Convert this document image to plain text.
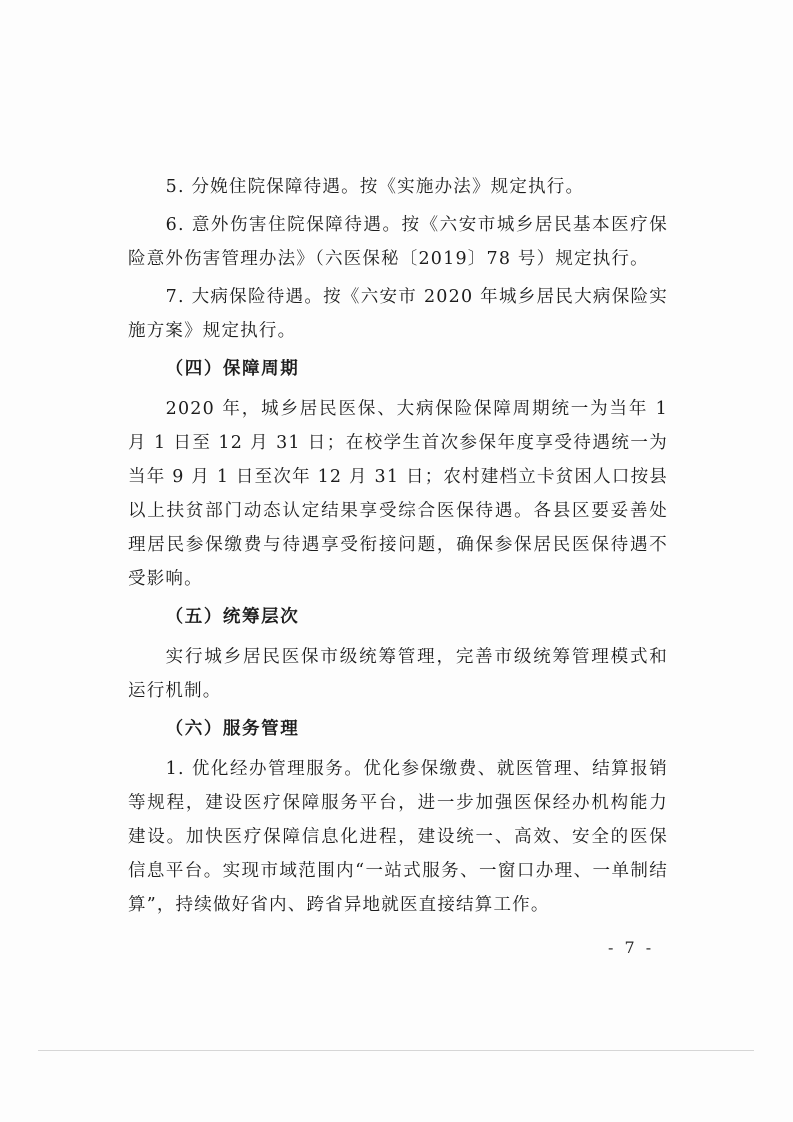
5. 分娩住院保障待遇。按《实施办法》规定执行。

6. 意外伤害住院保障待遇。按《六安市城乡居民基本医疗保险意外伤害管理办法》（六医保秘〔2019〕78 号）规定执行。

7. 大病保险待遇。按《六安市 2020 年城乡居民大病保险实施方案》规定执行。

（四）保障周期

2020 年，城乡居民医保、大病保险保障周期统一为当年 1 月 1 日至 12 月 31 日；在校学生首次参保年度享受待遇统一为当年 9 月 1 日至次年 12 月 31 日；农村建档立卡贫困人口按县以上扶贫部门动态认定结果享受综合医保待遇。各县区要妥善处理居民参保缴费与待遇享受衔接问题，确保参保居民医保待遇不受影响。

（五）统筹层次

实行城乡居民医保市级统筹管理，完善市级统筹管理模式和运行机制。

（六）服务管理

1. 优化经办管理服务。优化参保缴费、就医管理、结算报销等规程，建设医疗保障服务平台，进一步加强医保经办机构能力建设。加快医疗保障信息化进程，建设统一、高效、安全的医保信息平台。实现市域范围内“一站式服务、一窗口办理、一单制结算”，持续做好省内、跨省异地就医直接结算工作。

- 7 -
